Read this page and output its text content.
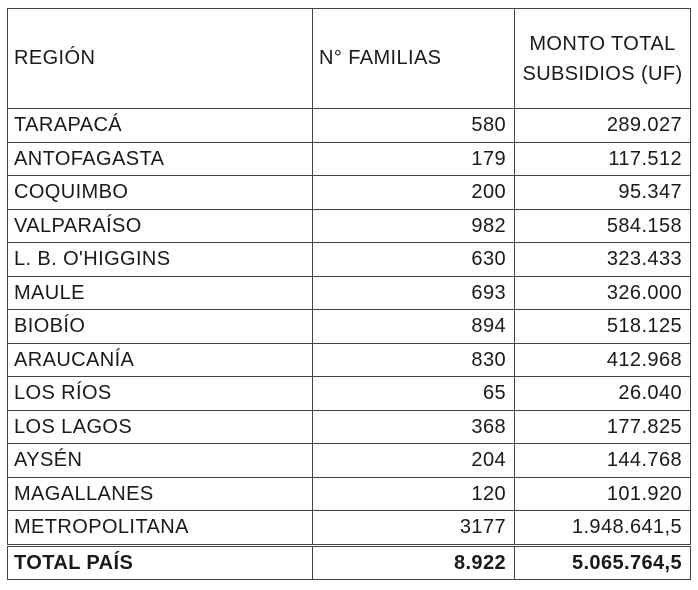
REGIÓN	N° FAMILIAS	MONTO TOTAL
SUBSIDIOS (UF)
TARAPACÁ	580	289.027
ANTOFAGASTA	179	117.512
COQUIMBO	200	95.347
VALPARAÍSO	982	584.158
L. B. O'HIGGINS	630	323.433
MAULE	693	326.000
BIOBÍO	894	518.125
ARAUCANÍA	830	412.968
LOS RÍOS	65	26.040
LOS LAGOS	368	177.825
AYSÉN	204	144.768
MAGALLANES	120	101.920
METROPOLITANA	3177	1.948.641,5
TOTAL PAÍS	8.922	5.065.764,5
